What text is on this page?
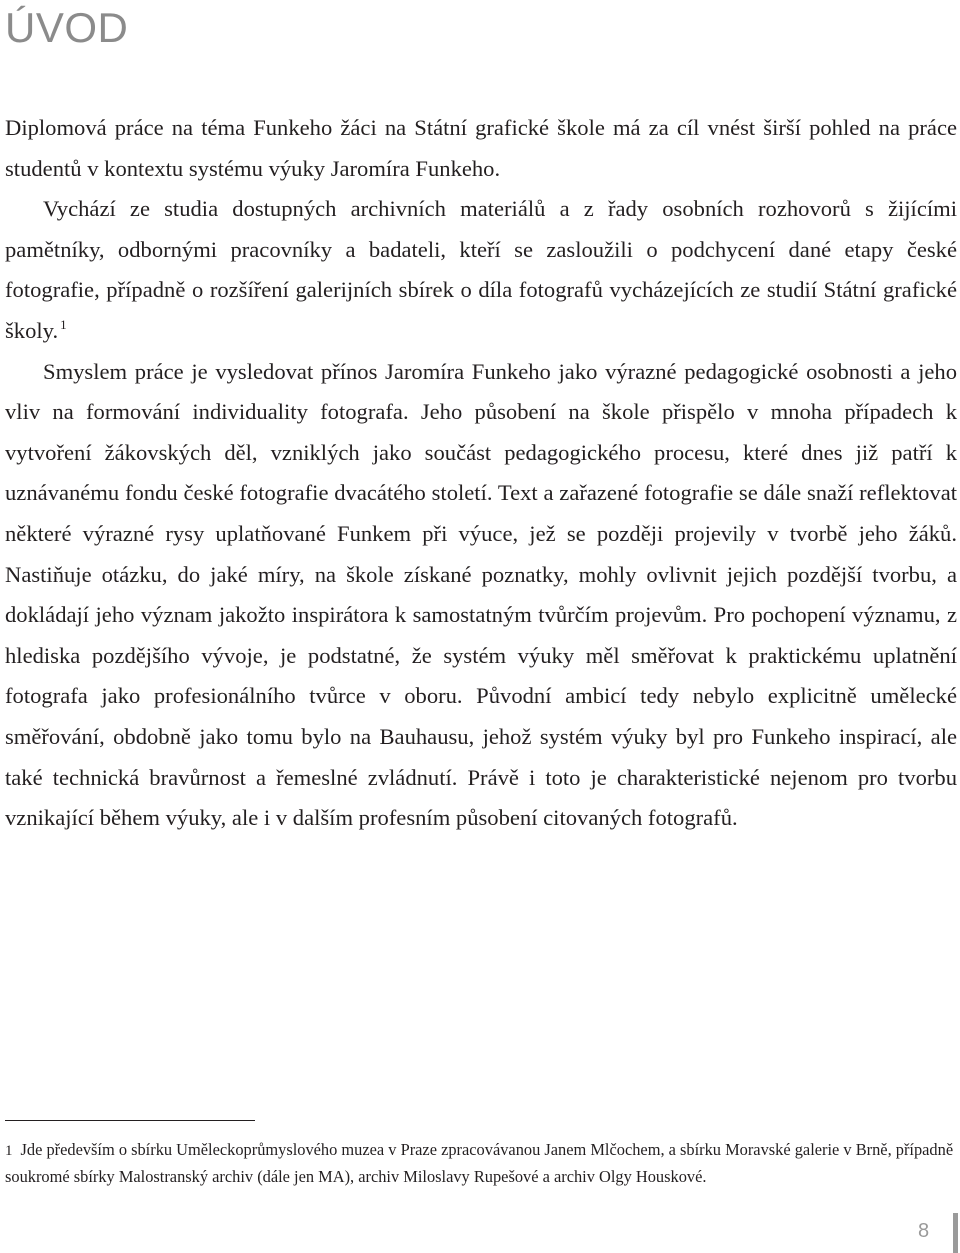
ÚVOD

Diplomová práce na téma Funkeho žáci na Státní grafické škole má za cíl vnést širší pohled na práce studentů v kontextu systému výuky Jaromíra Funkeho.

Vychází ze studia dostupných archivních materiálů a z řady osobních rozhovorů s žijícími pamětníky, odbornými pracovníky a badateli, kteří se zasloužili o podchycení dané etapy české fotografie, případně o rozšíření galerijních sbírek o díla fotografů vycházejících ze studií Státní grafické školy. $^1$

Smyslem práce je vysledovat přínos Jaromíra Funkeho jako výrazné pedagogické osobnosti a jeho vliv na formování individuality fotografa. Jeho působení na škole přispělo v mnoha případech k vytvoření žákovských děl, vzniklých jako součást pedagogického procesu, které dnes již patří k uznávanému fondu české fotografie dvacátého století. Text a zařazené fotografie se dále snaží reflektovat některé výrazné rysy uplatňované Funkem při výuce, jež se později projevily v tvorbě jeho žáků. Nastiňuje otázku, do jaké míry, na škole získané poznatky, mohly ovlivnit jejich pozdější tvorbu, a dokládají jeho význam jakožto inspirátora k samostatným tvůrčím projevům. Pro pochopení významu, z hlediska pozdějšího vývoje, je podstatné, že systém výuky měl směřovat k praktickému uplatnění fotografa jako profesionálního tvůrce v oboru. Původní ambicí tedy nebylo explicitně umělecké směřování, obdobně jako tomu bylo na Bauhausu, jehož systém výuky byl pro Funkeho inspirací, ale také technická bravůrnost a řemeslné zvládnutí. Právě i toto je charakteristické nejenom pro tvorbu vznikající během výuky, ale i v dalším profesním působení citovaných fotografů.

1 Jde především o sbírku Uměleckoprůmyslového muzea v Praze zpracovávanou Janem Mlčochem, a sbírku Moravské galerie v Brně, případně soukromé sbírky Malostranský archiv (dále jen MA), archiv Miloslavy Rupešové a archiv Olgy Houskové.

8
